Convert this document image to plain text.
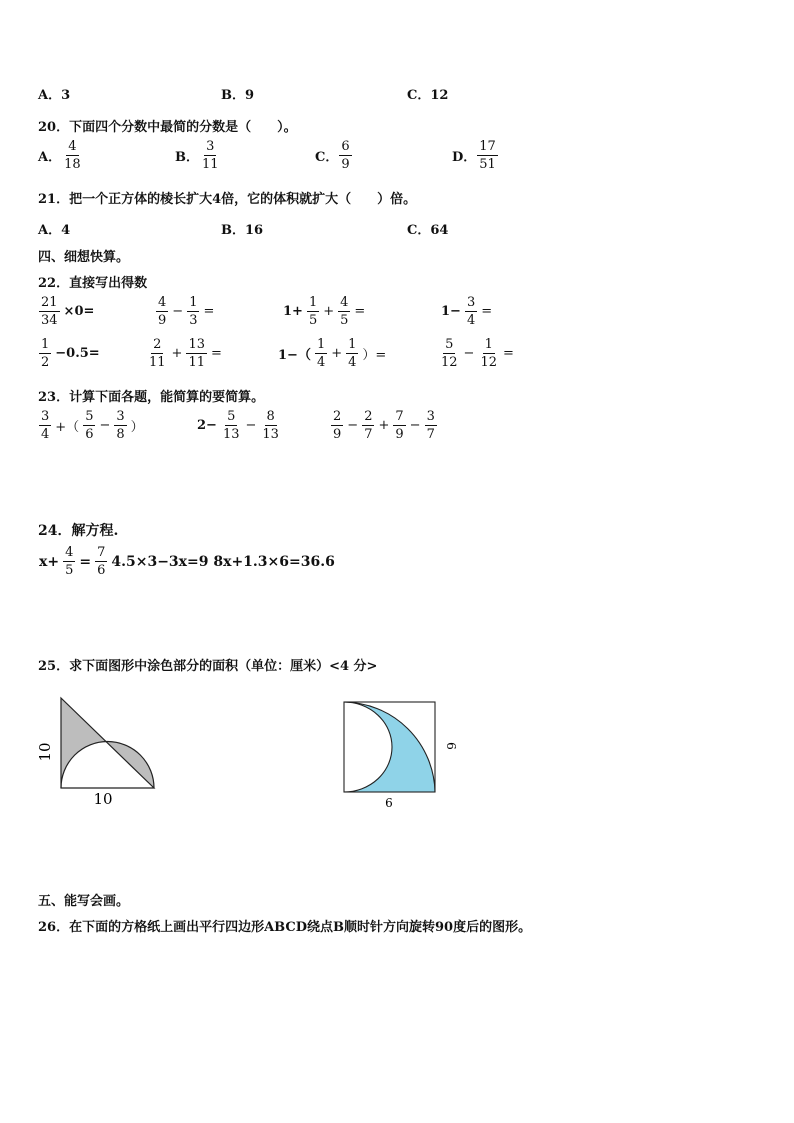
A．3	B．9	C．12
20．下面四个分数中最简的分数是（　　）。
A． $\frac{4}{18}$	B． $\frac{3}{11}$	C． $\frac{6}{9}$	D． $\frac{17}{51}$
21．把一个正方体的棱长扩大4倍，它的体积就扩大（　　）倍。
A．4	B．16	C．64
四、细想快算。
22．直接写出得数
$\frac{21}{34} \times 0=$	$\frac{4}{9} - \frac{1}{3}$ =	$1+ \frac{1}{5} + \frac{4}{5}$ =	$1- \frac{3}{4}$ =
$\frac{1}{2} -0.5=$	$\frac{2}{11} + \frac{13}{11}$ =	$1-( \frac{1}{4} + \frac{1}{4}$ ）=	$\frac{5}{12} - \frac{1}{12}$ =
23．计算下面各题，能简算的要简算。
$\frac{3}{4}$ +（ $\frac{5}{6} - \frac{3}{8}$ ）	$2- \frac{5}{13} - \frac{8}{13}$	$\frac{2}{9} - \frac{2}{7} + \frac{7}{9} - \frac{3}{7}$
24．解方程.
$x+ \frac{4}{5} = \frac{7}{6} 4.5\times 3-3x=9$ 8x+1.3×6=36.6
25．求下面图形中涂色部分的面积（单位：厘米）<4 分>
10
10
6
6
五、能写会画。
26．在下面的方格纸上画出平行四边形ABCD绕点B顺时针方向旋转90度后的图形。
